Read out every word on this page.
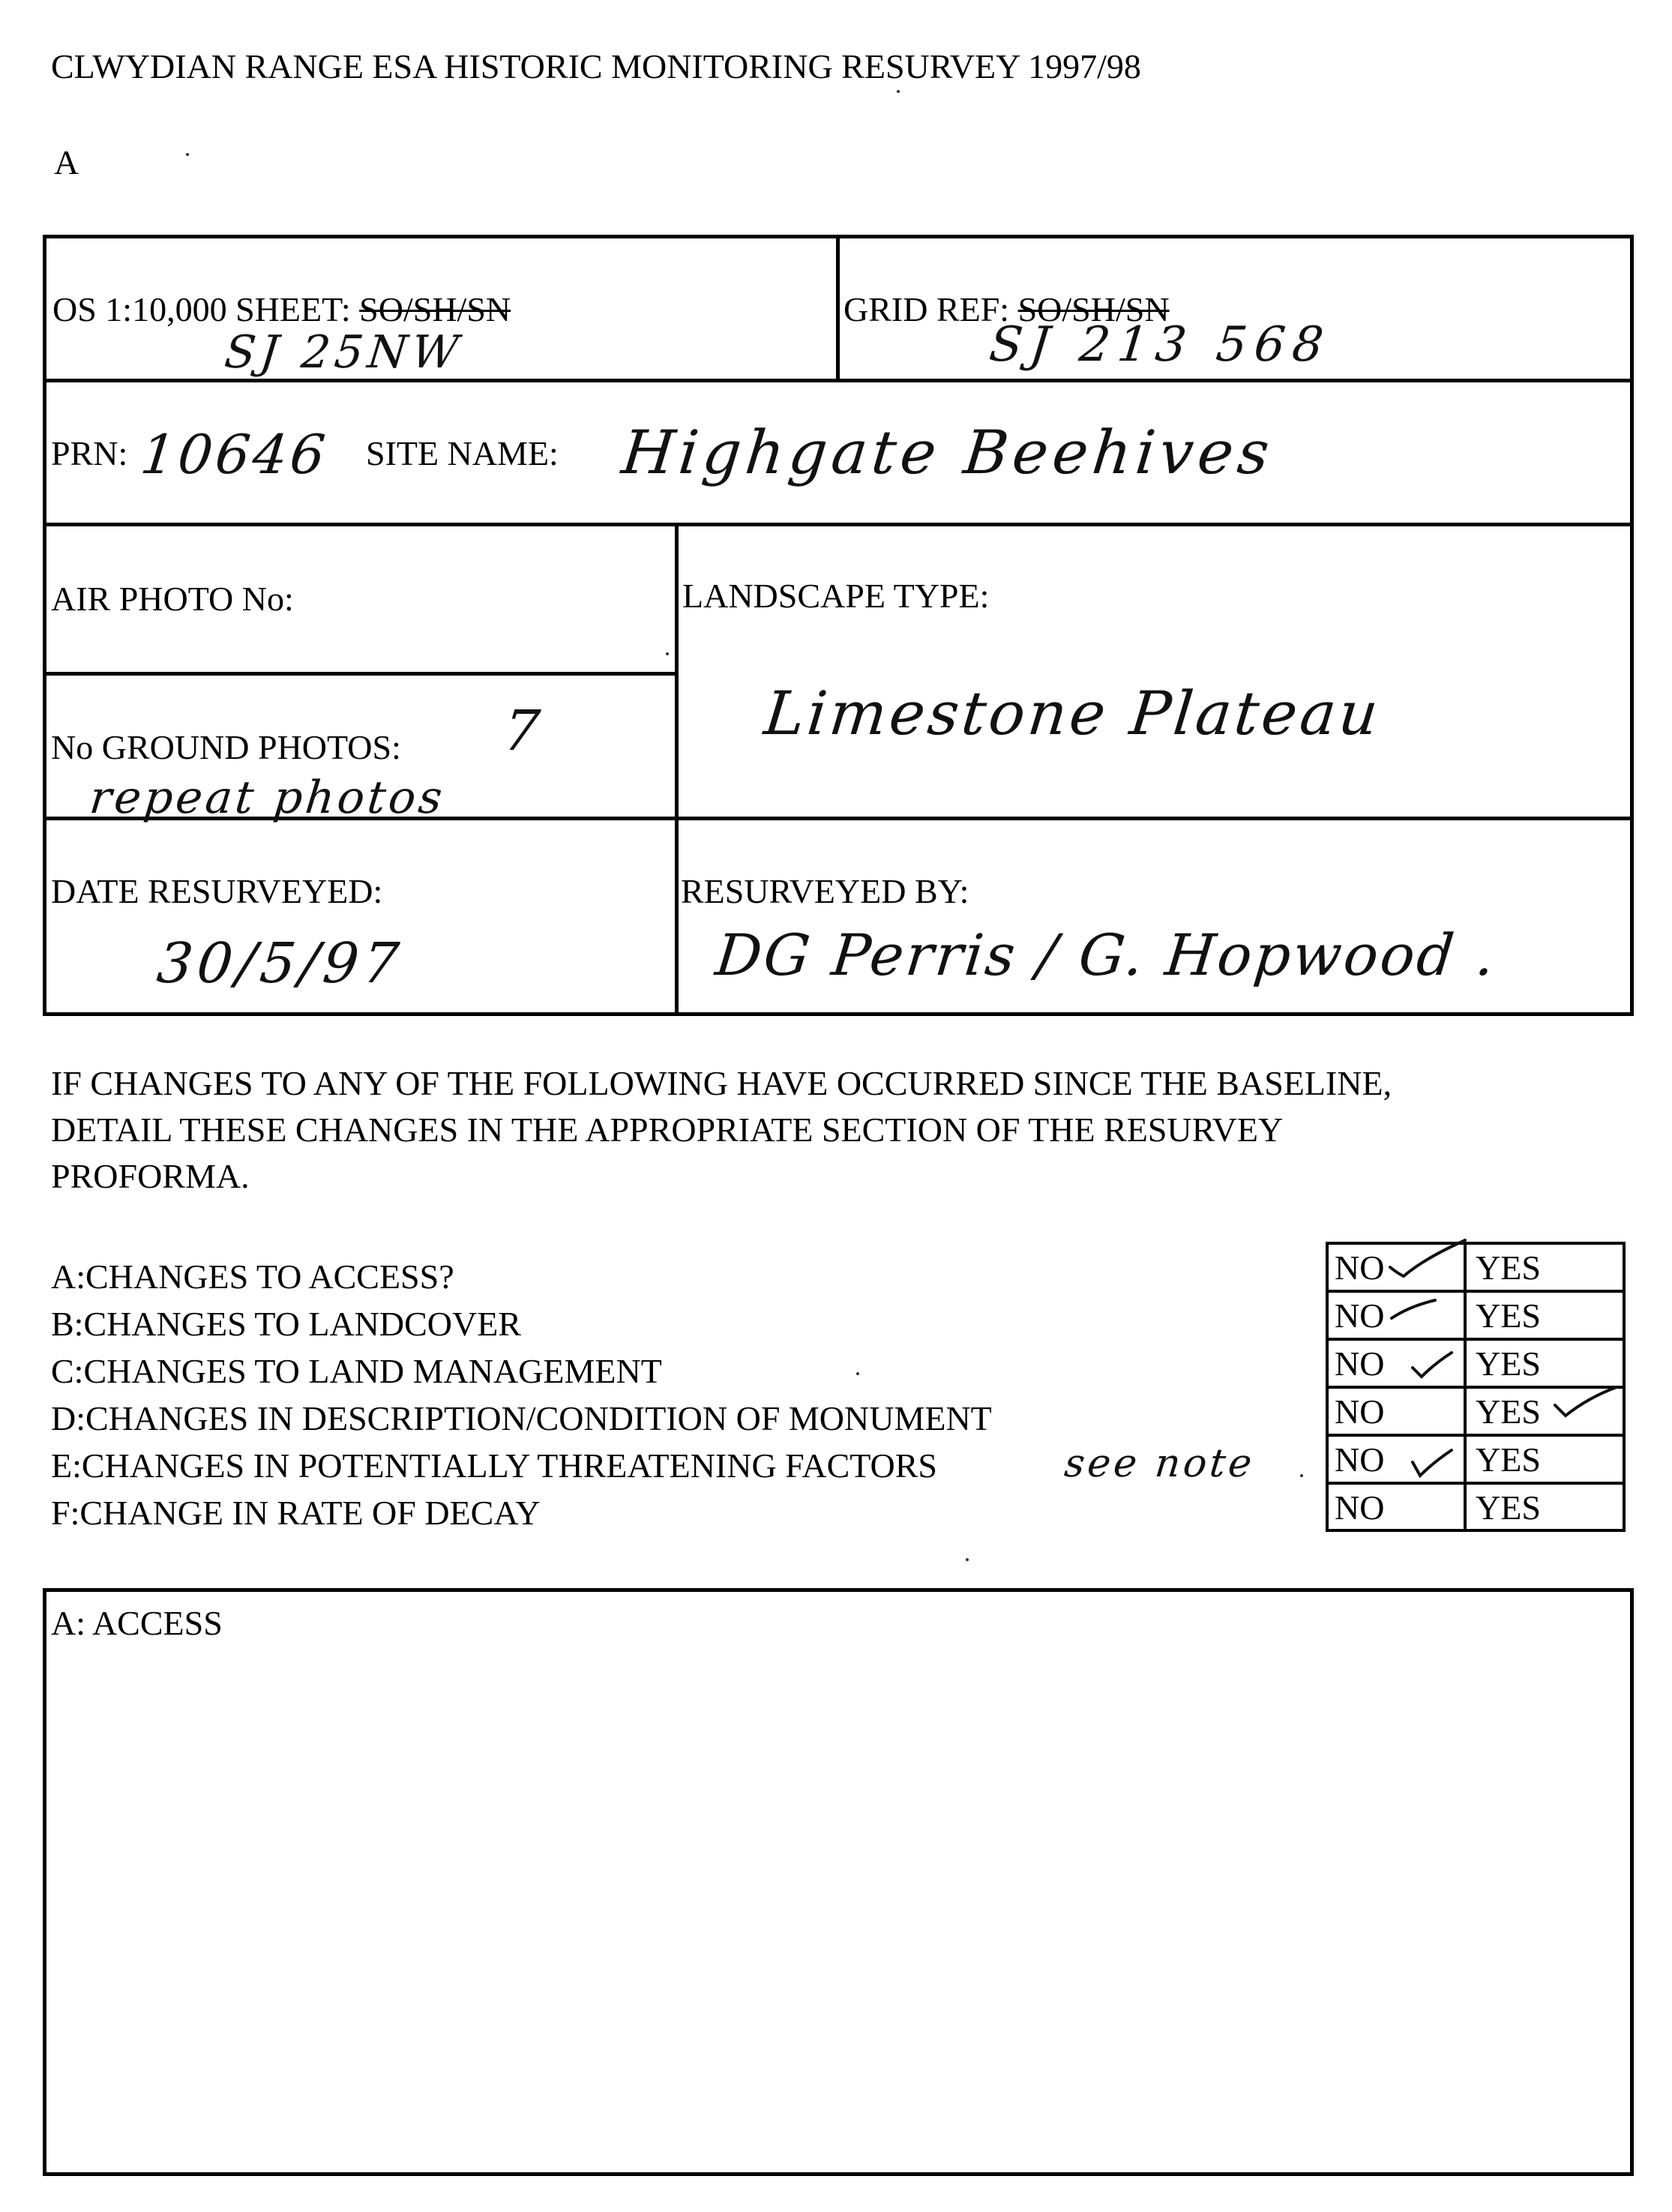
CLWYDIAN RANGE ESA HISTORIC MONITORING RESURVEY 1997/98
A
OS 1:10,000 SHEET: SO/SH/SN
SJ 25NW
GRID REF: SO/SH/SN
SJ 213 568
PRN: 10646 SITE NAME: Highgate Beehives
AIR PHOTO No:	LANDSCAPE TYPE:
Limestone Plateau
No GROUND PHOTOS: 7
repeat photos
DATE RESURVEYED:
30/5/97
RESURVEYED BY:
DG Perris / G. Hopwood .
IF CHANGES TO ANY OF THE FOLLOWING HAVE OCCURRED SINCE THE BASELINE,
DETAIL THESE CHANGES IN THE APPROPRIATE SECTION OF THE RESURVEY
PROFORMA.
A:CHANGES TO ACCESS?
B:CHANGES TO LANDCOVER
C:CHANGES TO LAND MANAGEMENT
D:CHANGES IN DESCRIPTION/CONDITION OF MONUMENT
E:CHANGES IN POTENTIALLY THREATENING FACTORS
F:CHANGE IN RATE OF DECAY
see note
NO	YES
NO	YES
NO	YES
NO	YES
NO	YES
NO	YES
A: ACCESS
